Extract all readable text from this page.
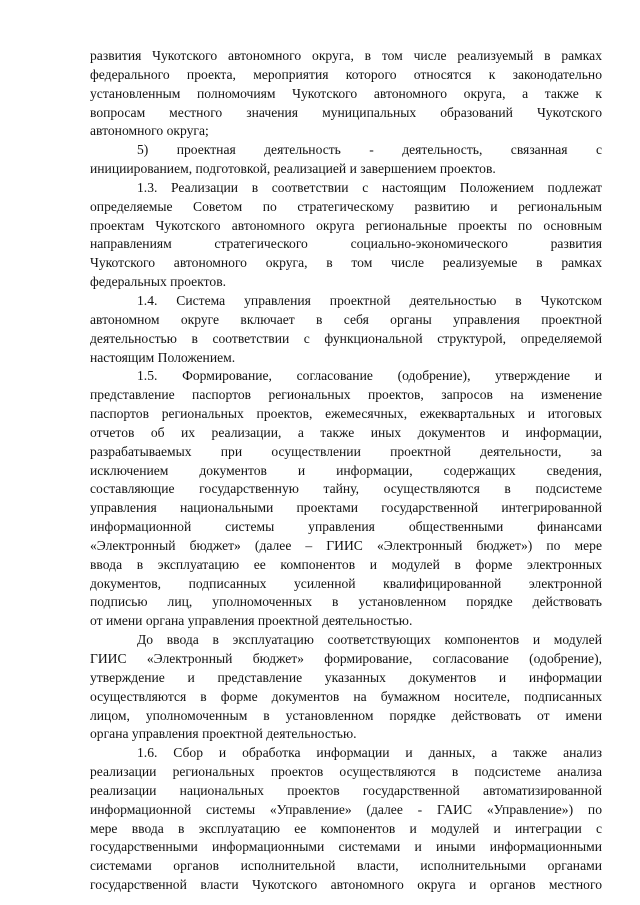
развития Чукотского автономного округа, в том числе реализуемый в рамках
федерального проекта, мероприятия которого относятся к законодательно
установленным полномочиям Чукотского автономного округа, а также к
вопросам местного значения муниципальных образований Чукотского
автономного округа;
5) проектная деятельность - деятельность, связанная с
инициированием, подготовкой, реализацией и завершением проектов.
1.3. Реализации в соответствии с настоящим Положением подлежат
определяемые Советом по стратегическому развитию и региональным
проектам Чукотского автономного округа региональные проекты по основным
направлениям стратегического социально-экономического развития
Чукотского автономного округа, в том числе реализуемые в рамках
федеральных проектов.
1.4. Система управления проектной деятельностью в Чукотском
автономном округе включает в себя органы управления проектной
деятельностью в соответствии с функциональной структурой, определяемой
настоящим Положением.
1.5. Формирование, согласование (одобрение), утверждение и
представление паспортов региональных проектов, запросов на изменение
паспортов региональных проектов, ежемесячных, ежеквартальных и итоговых
отчетов об их реализации, а также иных документов и информации,
разрабатываемых при осуществлении проектной деятельности, за
исключением документов и информации, содержащих сведения,
составляющие государственную тайну, осуществляются в подсистеме
управления национальными проектами государственной интегрированной
информационной системы управления общественными финансами
«Электронный бюджет» (далее – ГИИС «Электронный бюджет») по мере
ввода в эксплуатацию ее компонентов и модулей в форме электронных
документов, подписанных усиленной квалифицированной электронной
подписью лиц, уполномоченных в установленном порядке действовать
от имени органа управления проектной деятельностью.
До ввода в эксплуатацию соответствующих компонентов и модулей
ГИИС «Электронный бюджет» формирование, согласование (одобрение),
утверждение и представление указанных документов и информации
осуществляются в форме документов на бумажном носителе, подписанных
лицом, уполномоченным в установленном порядке действовать от имени
органа управления проектной деятельностью.
1.6. Сбор и обработка информации и данных, а также анализ
реализации региональных проектов осуществляются в подсистеме анализа
реализации национальных проектов государственной автоматизированной
информационной системы «Управление» (далее - ГАИС «Управление») по
мере ввода в эксплуатацию ее компонентов и модулей и интеграции с
государственными информационными системами и иными информационными
системами органов исполнительной власти, исполнительными органами
государственной власти Чукотского автономного округа и органов местного
